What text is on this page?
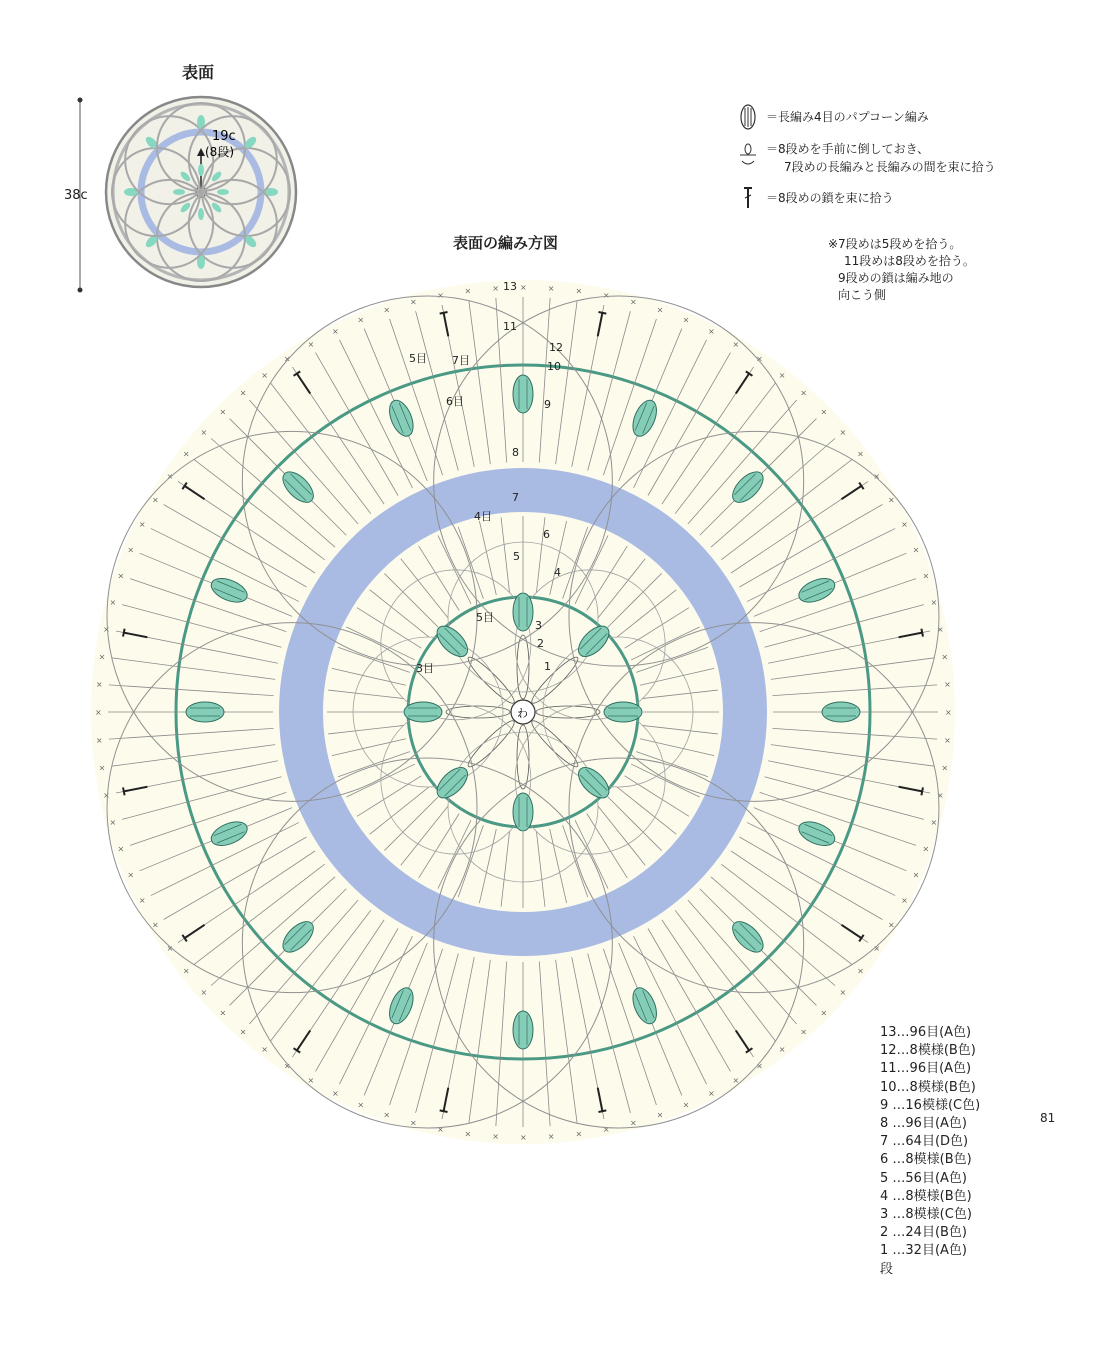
表面
38c
19c
(8段)
×
×
×
×
×
×
×
×
×
×
×
×
×
×
×
×
×
×
×
×
×
×
×
×
×
×
×
×
×
×
×
×
×
×
×
×
×
×
×
×
×
×
×
×
×
×
×
×
×
×
×
×
×
×
×
×
×
×
×
×
×
×
×
×
×
×
×
×
×
×
×	×	×	×	×
×
×
×
×
×
×
×
×
×
×
×
×
×
×
×
×
×
×
×
×
×
わ
表面の編み方図
＝長編み4目のパプコーン編み
＝8段めを手前に倒しておき、
7段めの長編みと長編みの間を束に拾う
＝8段めの鎖を束に拾う
※7段めは5段めを拾う。
11段めは8段めを拾う。
9段めの鎖は編み地の
向こう側
13…96目(A色)
12…8模様(B色)
11…96目(A色)
10…8模様(B色)
9 …16模様(C色)
8 …96目(A色)
7 …64目(D色)
6 …8模様(B色)
5 …56目(A色)
4 …8模様(B色)
3 …8模様(C色)
2 …24目(B色)
1 …32目(A色)
段
81
2
1
3
4
5
6
7
8
9
10
11
12
13
3目
5目
4目
6目
5目 7目
